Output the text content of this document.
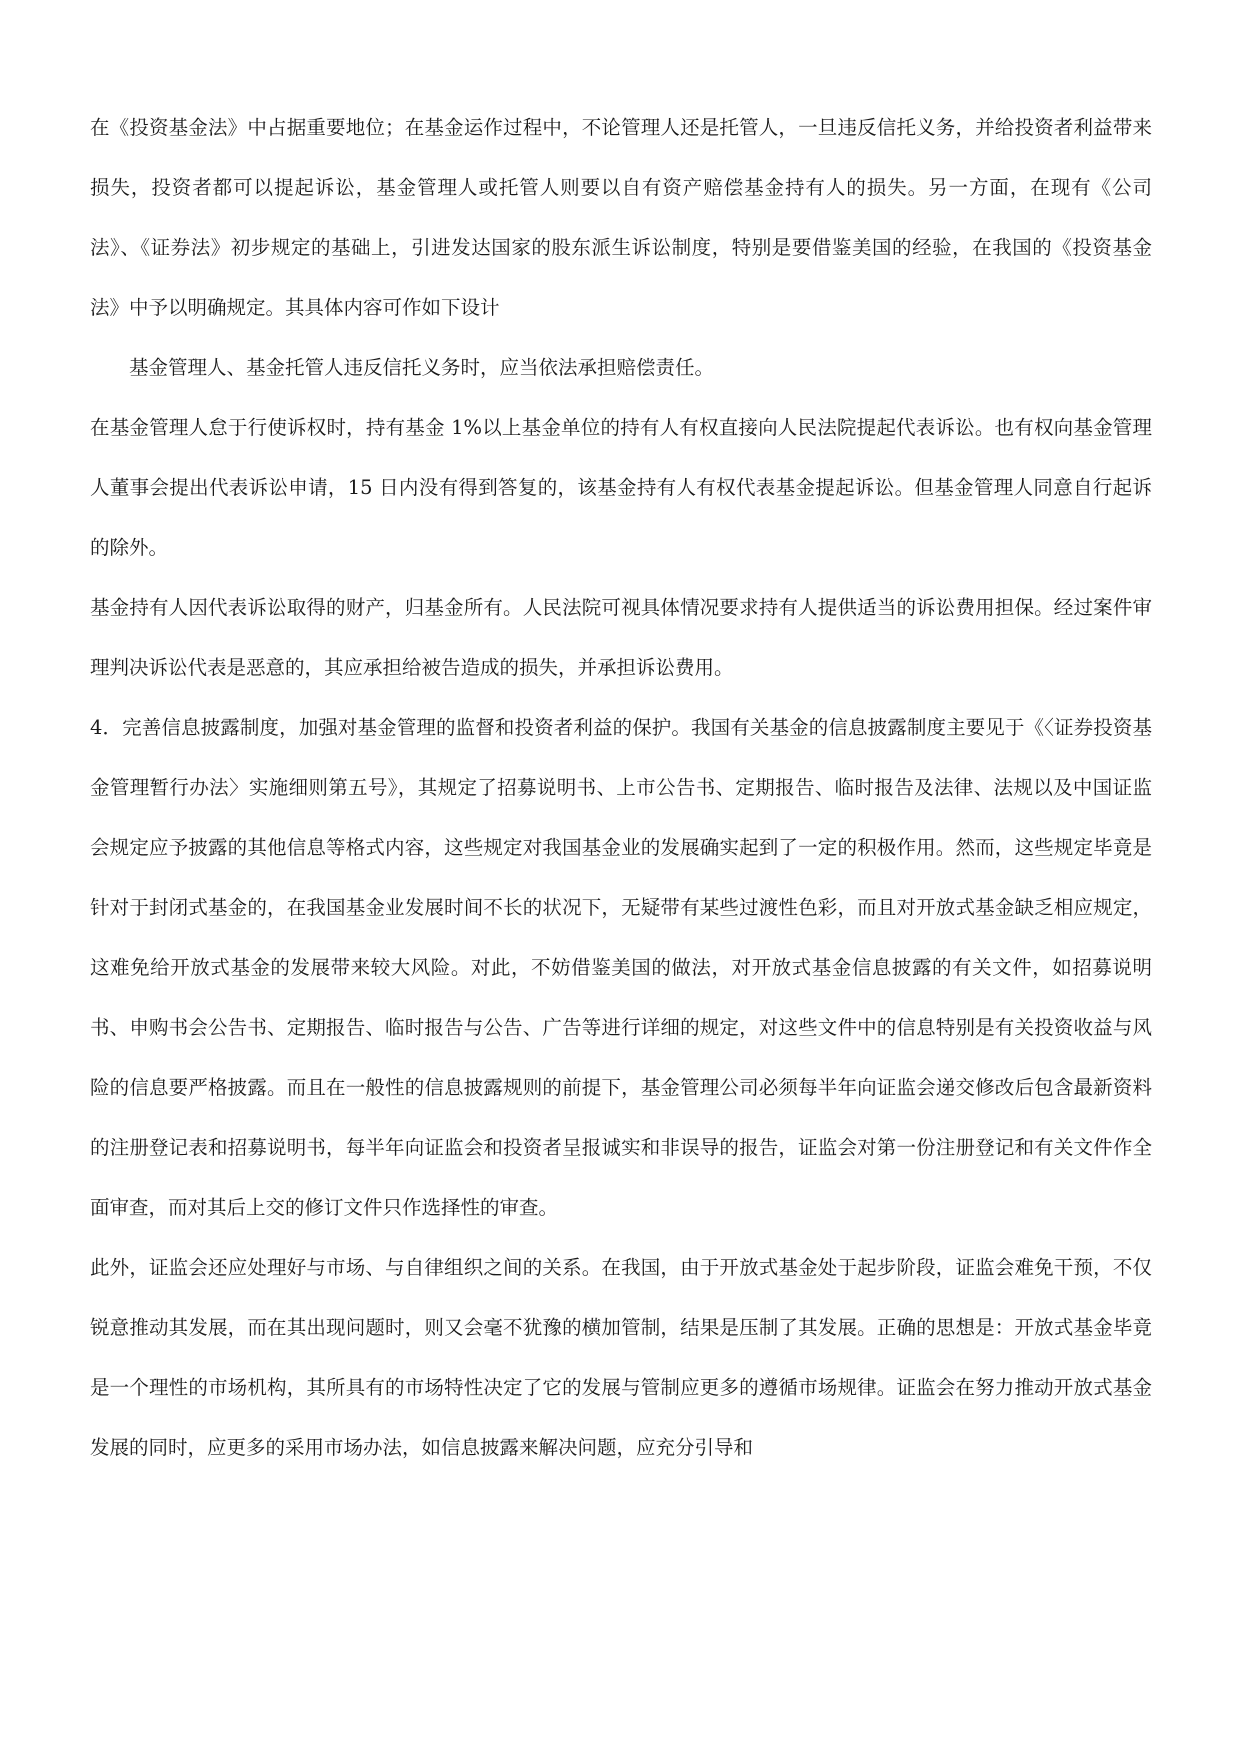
在《投资基金法》中占据重要地位；在基金运作过程中，不论管理人还是托管人，一旦违反信托义务，并给投资者利益带来损失，投资者都可以提起诉讼，基金管理人或托管人则要以自有资产赔偿基金持有人的损失。另一方面，在现有《公司法》、《证券法》初步规定的基础上，引进发达国家的股东派生诉讼制度，特别是要借鉴美国的经验，在我国的《投资基金法》中予以明确规定。其具体内容可作如下设计

基金管理人、基金托管人违反信托义务时，应当依法承担赔偿责任。

在基金管理人怠于行使诉权时，持有基金 1%以上基金单位的持有人有权直接向人民法院提起代表诉讼。也有权向基金管理人董事会提出代表诉讼申请，15 日内没有得到答复的，该基金持有人有权代表基金提起诉讼。但基金管理人同意自行起诉的除外。

基金持有人因代表诉讼取得的财产，归基金所有。人民法院可视具体情况要求持有人提供适当的诉讼费用担保。经过案件审理判决诉讼代表是恶意的，其应承担给被告造成的损失，并承担诉讼费用。

4．完善信息披露制度，加强对基金管理的监督和投资者利益的保护。我国有关基金的信息披露制度主要见于《〈证券投资基金管理暂行办法〉实施细则第五号》，其规定了招募说明书、上市公告书、定期报告、临时报告及法律、法规以及中国证监会规定应予披露的其他信息等格式内容，这些规定对我国基金业的发展确实起到了一定的积极作用。然而，这些规定毕竟是针对于封闭式基金的，在我国基金业发展时间不长的状况下，无疑带有某些过渡性色彩，而且对开放式基金缺乏相应规定，这难免给开放式基金的发展带来较大风险。对此，不妨借鉴美国的做法，对开放式基金信息披露的有关文件，如招募说明书、申购书会公告书、定期报告、临时报告与公告、广告等进行详细的规定，对这些文件中的信息特别是有关投资收益与风险的信息要严格披露。而且在一般性的信息披露规则的前提下，基金管理公司必须每半年向证监会递交修改后包含最新资料的注册登记表和招募说明书，每半年向证监会和投资者呈报诚实和非误导的报告，证监会对第一份注册登记和有关文件作全面审查，而对其后上交的修订文件只作选择性的审查。

此外，证监会还应处理好与市场、与自律组织之间的关系。在我国，由于开放式基金处于起步阶段，证监会难免干预，不仅锐意推动其发展，而在其出现问题时，则又会毫不犹豫的横加管制，结果是压制了其发展。正确的思想是：开放式基金毕竟是一个理性的市场机构，其所具有的市场特性决定了它的发展与管制应更多的遵循市场规律。证监会在努力推动开放式基金发展的同时，应更多的采用市场办法，如信息披露来解决问题，应充分引导和
